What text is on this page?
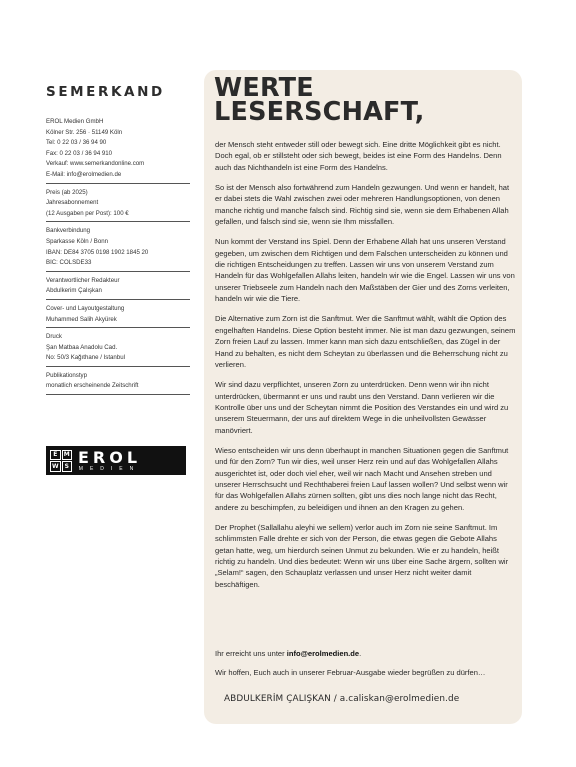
SEMERKAND
EROL Medien GmbH
Kölner Str. 256 · 51149 Köln
Tel: 0 22 03 / 36 94 90
Fax: 0 22 03 / 36 94 910
Verkauf: www.semerkandonline.com
E-Mail: info@erolmedien.de
Preis (ab 2025)
Jahresabonnement
(12 Ausgaben per Post): 100 €
Bankverbindung
Sparkasse Köln / Bonn
IBAN: DE84 3705 0198 1902 1845 20
BIC: COLSDE33
Verantwortlicher Redakteur
Abdulkerim Çalışkan
Cover- und Layoutgestaltung
Muhammed Salih Akyürek
Druck
Şan Matbaa Anadolu Cad.
No: 50/3 Kağıthane / Istanbul
Publikationstyp
monatlich erscheinende Zeitschrift
E	M
W	S EROL
MEDIEN
WERTE
LESERSCHAFT,

der Mensch steht entweder still oder bewegt sich. Eine dritte Möglichkeit gibt es nicht. Doch egal, ob er stillsteht oder sich bewegt, beides ist eine Form des Handelns. Denn auch das Nichthandeln ist eine Form des Handelns.

So ist der Mensch also fortwährend zum Handeln gezwungen. Und wenn er handelt, hat er dabei stets die Wahl zwischen zwei oder mehreren Handlungsoptionen, von denen manche richtig und manche falsch sind. Richtig sind sie, wenn sie dem Erhabenen Allah gefallen, und falsch sind sie, wenn sie Ihm missfallen.

Nun kommt der Verstand ins Spiel. Denn der Erhabene Allah hat uns unseren Verstand gegeben, um zwischen dem Richtigen und dem Falschen unterscheiden zu können und die richtigen Entscheidungen zu treffen. Lassen wir uns von unserem Verstand zum Handeln für das Wohlgefallen Allahs leiten, handeln wir wie die Engel. Lassen wir uns von unserer Triebseele zum Handeln nach den Maßstäben der Gier und des Zorns verleiten, handeln wir wie die Tiere.

Die Alternative zum Zorn ist die Sanftmut. Wer die Sanftmut wählt, wählt die Option des engelhaften Handelns. Diese Option besteht immer. Nie ist man dazu gezwungen, seinem Zorn freien Lauf zu lassen. Immer kann man sich dazu entschließen, das Zügel in der Hand zu behalten, es nicht dem Scheytan zu überlassen und die Beherrschung nicht zu verlieren.

Wir sind dazu verpflichtet, unseren Zorn zu unterdrücken. Denn wenn wir ihn nicht unterdrücken, übermannt er uns und raubt uns den Verstand. Dann verlieren wir die Kontrolle über uns und der Scheytan nimmt die Position des Verstandes ein und wird zu unserem Steuermann, der uns auf direktem Wege in die unheilvollsten Gewässer manövriert.

Wieso entscheiden wir uns denn überhaupt in manchen Situationen gegen die Sanftmut und für den Zorn? Tun wir dies, weil unser Herz rein und auf das Wohlgefallen Allahs ausgerichtet ist, oder doch viel eher, weil wir nach Macht und Ansehen streben und unserer Herrschsucht und Rechthaberei freien Lauf lassen wollen? Und selbst wenn wir für das Wohlgefallen Allahs zürnen sollten, gibt uns dies noch lange nicht das Recht, andere zu beschimpfen, zu beleidigen und ihnen an den Kragen zu gehen.

Der Prophet (Sallallahu aleyhi we sellem) verlor auch im Zorn nie seine Sanftmut. Im schlimmsten Falle drehte er sich von der Person, die etwas gegen die Gebote Allahs getan hatte, weg, um hierdurch seinen Unmut zu bekunden. Wie er zu handeln, heißt richtig zu handeln. Und dies bedeutet: Wenn wir uns über eine Sache ärgern, sollten wir „Selam!“ sagen, den Schauplatz verlassen und unser Herz nicht weiter damit beschäftigen.

Ihr erreicht uns unter info@erolmedien.de.
Wir hoffen, Euch auch in unserer Februar-Ausgabe wieder begrüßen zu dürfen…
ABDULKERİM ÇALIŞKAN / a.caliskan@erolmedien.de
